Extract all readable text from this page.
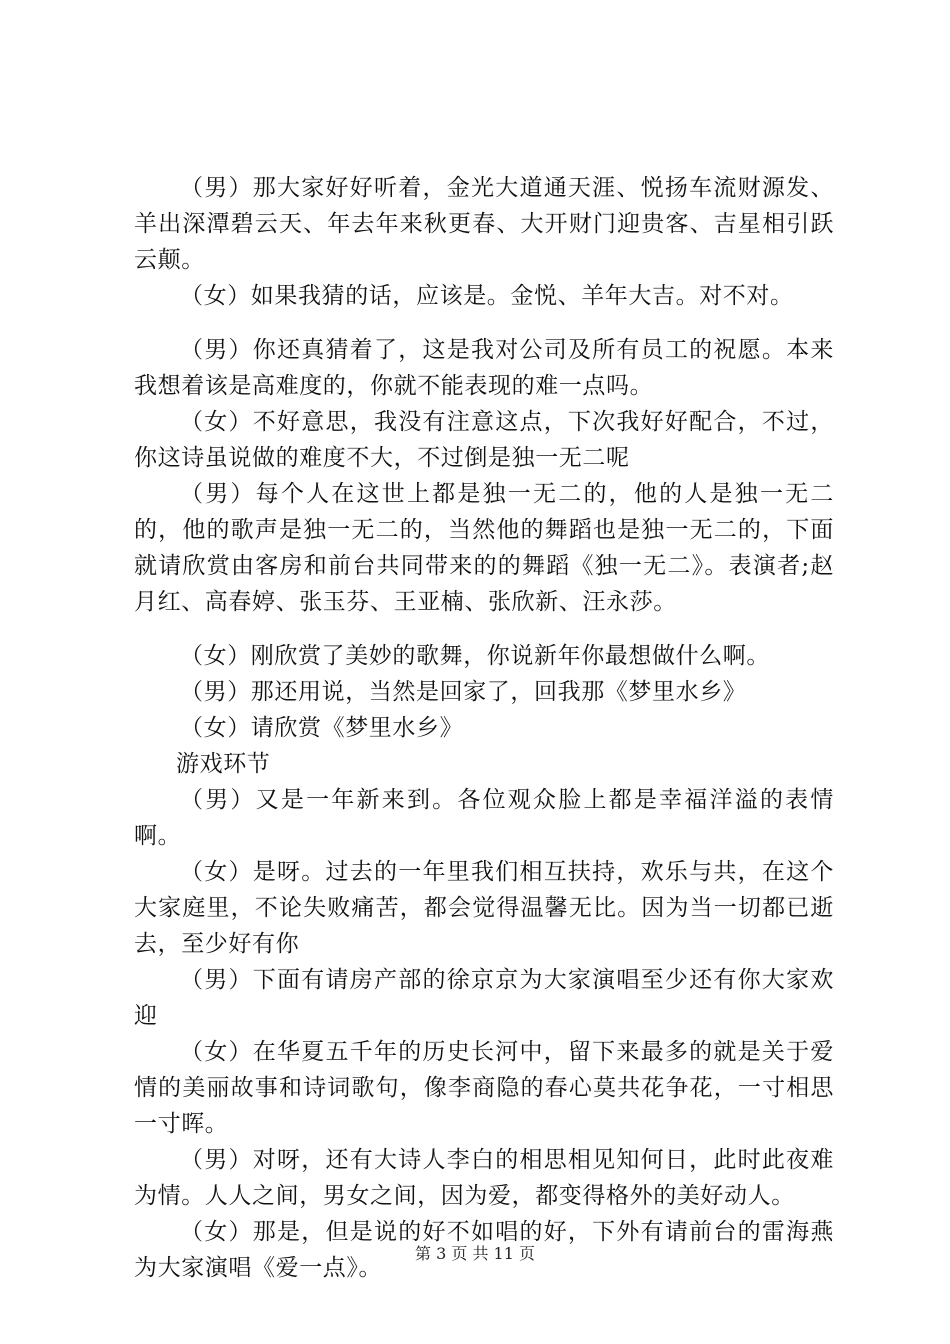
（男）那大家好好听着，金光大道通天涯、悦扬车流财源发、羊出深潭碧云天、年去年来秋更春、大开财门迎贵客、吉星相引跃云颠。

（女）如果我猜的话，应该是。金悦、羊年大吉。对不对。

（男）你还真猜着了，这是我对公司及所有员工的祝愿。本来我想着该是高难度的，你就不能表现的难一点吗。

（女）不好意思，我没有注意这点，下次我好好配合，不过，你这诗虽说做的难度不大，不过倒是独一无二呢

（男）每个人在这世上都是独一无二的，他的人是独一无二的，他的歌声是独一无二的，当然他的舞蹈也是独一无二的，下面就请欣赏由客房和前台共同带来的的舞蹈《独一无二》。表演者;赵月红、高春婷、张玉芬、王亚楠、张欣新、汪永莎。

（女）刚欣赏了美妙的歌舞，你说新年你最想做什么啊。

（男）那还用说，当然是回家了，回我那《梦里水乡》

（女）请欣赏《梦里水乡》

游戏环节

（男）又是一年新来到。各位观众脸上都是幸福洋溢的表情啊。

（女）是呀。过去的一年里我们相互扶持，欢乐与共，在这个大家庭里，不论失败痛苦，都会觉得温馨无比。因为当一切都已逝去，至少好有你

（男）下面有请房产部的徐京京为大家演唱至少还有你大家欢迎

（女）在华夏五千年的历史长河中，留下来最多的就是关于爱情的美丽故事和诗词歌句，像李商隐的春心莫共花争花，一寸相思一寸晖。

（男）对呀，还有大诗人李白的相思相见知何日，此时此夜难为情。人人之间，男女之间，因为爱，都变得格外的美好动人。

（女）那是，但是说的好不如唱的好，下外有请前台的雷海燕为大家演唱《爱一点》。

第 3 页 共 11 页
